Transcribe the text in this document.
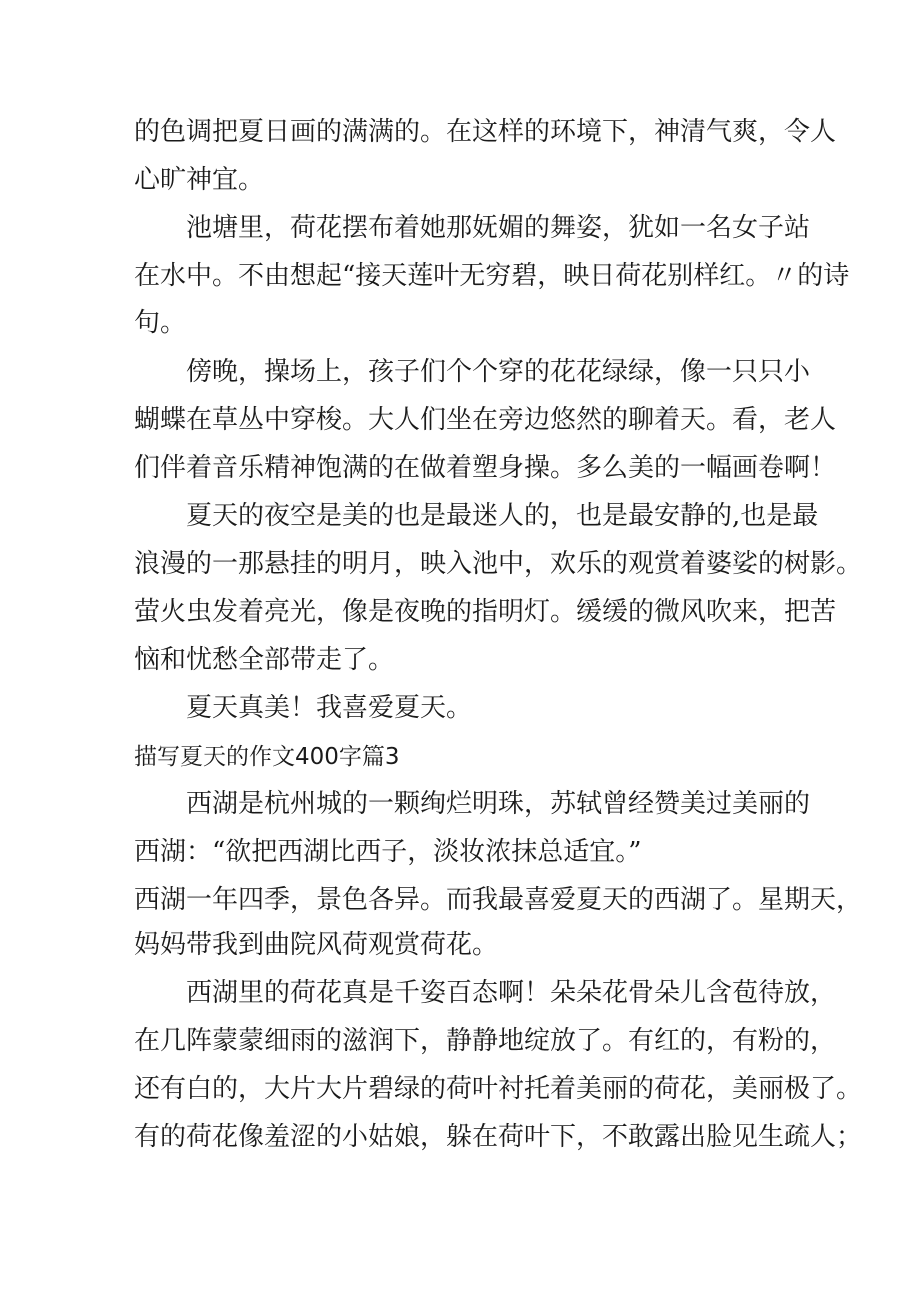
的色调把夏日画的满满的。在这样的环境下，神清气爽，令人
心旷神宜。
池塘里，荷花摆布着她那妩媚的舞姿，犹如一名女子站
在水中。不由想起“接天莲叶无穷碧，映日荷花别样红。〃的诗
句。
傍晚，操场上，孩子们个个穿的花花绿绿，像一只只小
蝴蝶在草丛中穿梭。大人们坐在旁边悠然的聊着天。看，老人
们伴着音乐精神饱满的在做着塑身操。多么美的一幅画卷啊！
夏天的夜空是美的也是最迷人的，也是最安静的,也是最
浪漫的一那悬挂的明月，映入池中，欢乐的观赏着婆娑的树影。
萤火虫发着亮光，像是夜晚的指明灯。缓缓的微风吹来，把苦
恼和忧愁全部带走了。
夏天真美！我喜爱夏天。
描写夏天的作文400字篇3
西湖是杭州城的一颗绚烂明珠，苏轼曾经赞美过美丽的
西湖：“欲把西湖比西子，淡妆浓抹总适宜。”
西湖一年四季，景色各异。而我最喜爱夏天的西湖了。星期天，
妈妈带我到曲院风荷观赏荷花。
西湖里的荷花真是千姿百态啊！朵朵花骨朵儿含苞待放，
在几阵蒙蒙细雨的滋润下，静静地绽放了。有红的，有粉的，
还有白的，大片大片碧绿的荷叶衬托着美丽的荷花，美丽极了。
有的荷花像羞涩的小姑娘，躲在荷叶下，不敢露出脸见生疏人；
